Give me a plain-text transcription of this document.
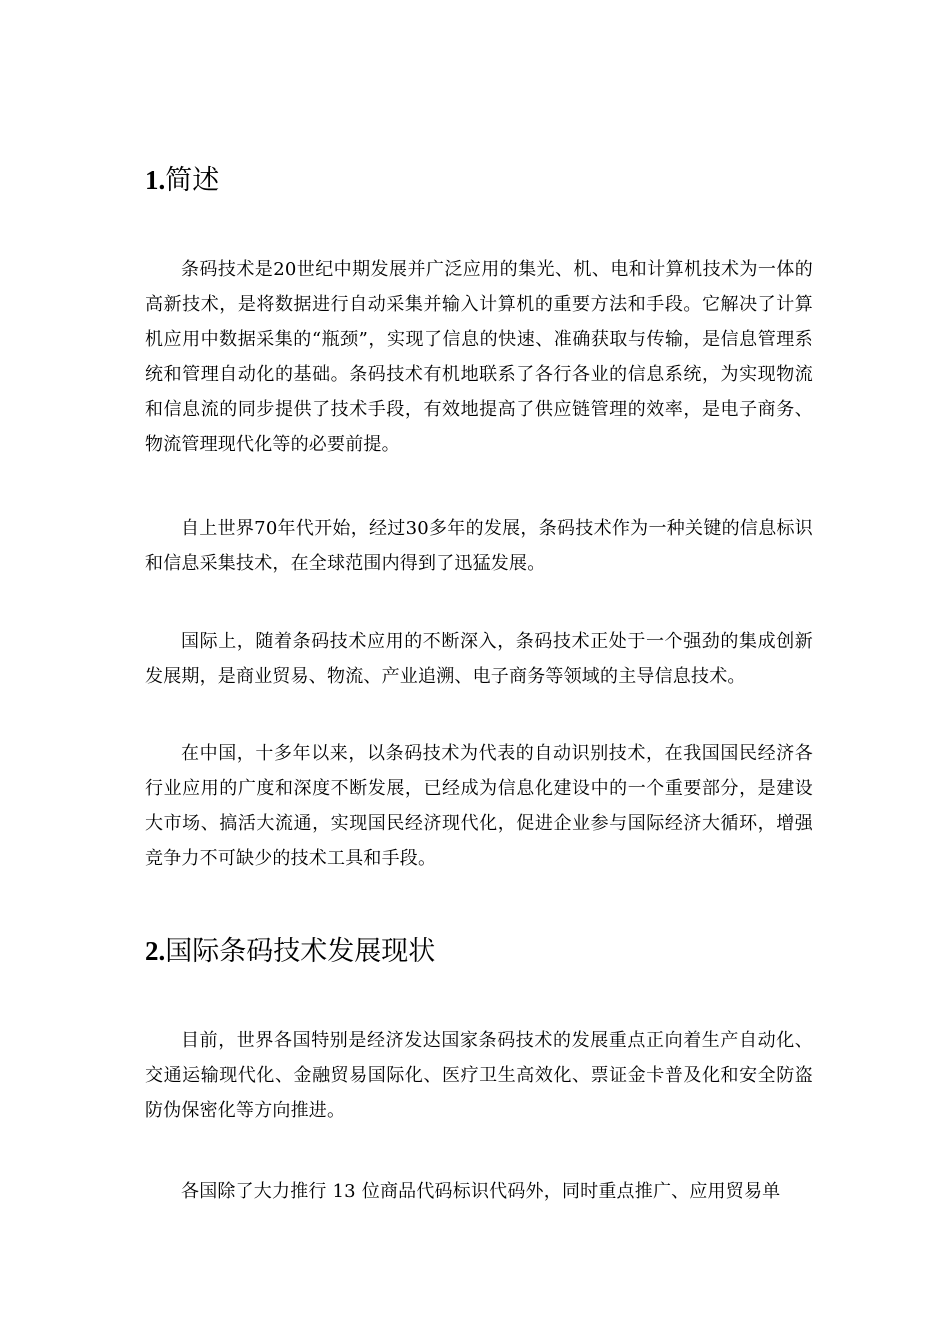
1.简述

条码技术是20世纪中期发展并广泛应用的集光、机、电和计算机技术为一体的高新技术，是将数据进行自动采集并输入计算机的重要方法和手段。它解决了计算机应用中数据采集的“瓶颈”，实现了信息的快速、准确获取与传输，是信息管理系统和管理自动化的基础。条码技术有机地联系了各行各业的信息系统，为实现物流和信息流的同步提供了技术手段，有效地提高了供应链管理的效率，是电子商务、物流管理现代化等的必要前提。

自上世界70年代开始，经过30多年的发展，条码技术作为一种关键的信息标识和信息采集技术，在全球范围内得到了迅猛发展。

国际上，随着条码技术应用的不断深入，条码技术正处于一个强劲的集成创新发展期，是商业贸易、物流、产业追溯、电子商务等领域的主导信息技术。

在中国，十多年以来，以条码技术为代表的自动识别技术，在我国国民经济各行业应用的广度和深度不断发展，已经成为信息化建设中的一个重要部分，是建设大市场、搞活大流通，实现国民经济现代化，促进企业参与国际经济大循环，增强竞争力不可缺少的技术工具和手段。

2.国际条码技术发展现状

目前，世界各国特别是经济发达国家条码技术的发展重点正向着生产自动化、交通运输现代化、金融贸易国际化、医疗卫生高效化、票证金卡普及化和安全防盗防伪保密化等方向推进。

各国除了大力推行 13 位商品代码标识代码外，同时重点推广、应用贸易单
